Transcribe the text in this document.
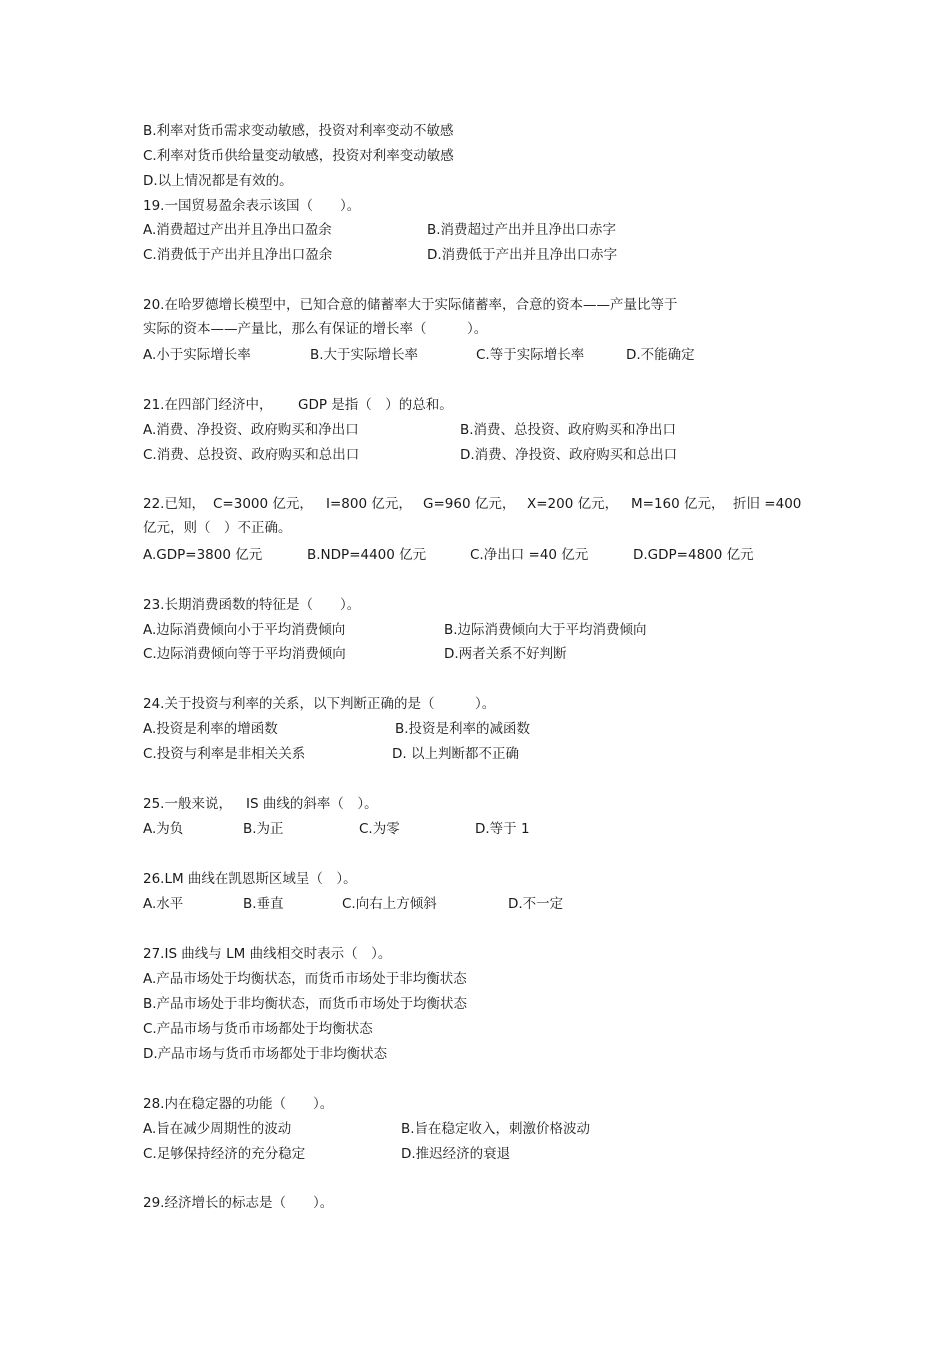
B.利率对货币需求变动敏感，投资对利率变动不敏感
C.利率对货币供给量变动敏感，投资对利率变动敏感
D.以上情况都是有效的。
19.一国贸易盈余表示该国（　　）。
A.消费超过产出并且净出口盈余	B.消费超过产出并且净出口赤字
C.消费低于产出并且净出口盈余	D.消费低于产出并且净出口赤字
20.在哈罗德增长模型中，已知合意的储蓄率大于实际储蓄率，合意的资本——产量比等于
实际的资本——产量比，那么有保证的增长率（　　　）。
A.小于实际增长率	B.大于实际增长率	C.等于实际增长率	D.不能确定
21.在四部门经济中， GDP 是指（　）的总和。
A.消费、净投资、政府购买和净出口	B.消费、总投资、政府购买和净出口
C.消费、总投资、政府购买和总出口	D.消费、净投资、政府购买和总出口
22.已知， C=3000 亿元， I=800 亿元， G=960 亿元， X=200 亿元， M=160 亿元， 折旧 =400
亿元，则（　）不正确。
A.GDP=3800 亿元	B.NDP=4400 亿元	C.净出口 =40 亿元	D.GDP=4800 亿元
23.长期消费函数的特征是（　　）。
A.边际消费倾向小于平均消费倾向	B.边际消费倾向大于平均消费倾向
C.边际消费倾向等于平均消费倾向	D.两者关系不好判断
24.关于投资与利率的关系，以下判断正确的是（　　　）。
A.投资是利率的增函数	B.投资是利率的减函数
C.投资与利率是非相关关系	D. 以上判断都不正确
25.一般来说， IS 曲线的斜率（　）。
A.为负	B.为正	C.为零	D.等于 1
26.LM 曲线在凯恩斯区域呈（　）。
A.水平	B.垂直	C.向右上方倾斜	D.不一定
27.IS 曲线与 LM 曲线相交时表示（　）。
A.产品市场处于均衡状态，而货币市场处于非均衡状态
B.产品市场处于非均衡状态，而货币市场处于均衡状态
C.产品市场与货币市场都处于均衡状态
D.产品市场与货币市场都处于非均衡状态
28.内在稳定器的功能（　　）。
A.旨在减少周期性的波动	B.旨在稳定收入，刺激价格波动
C.足够保持经济的充分稳定	D.推迟经济的衰退
29.经济增长的标志是（　　）。
